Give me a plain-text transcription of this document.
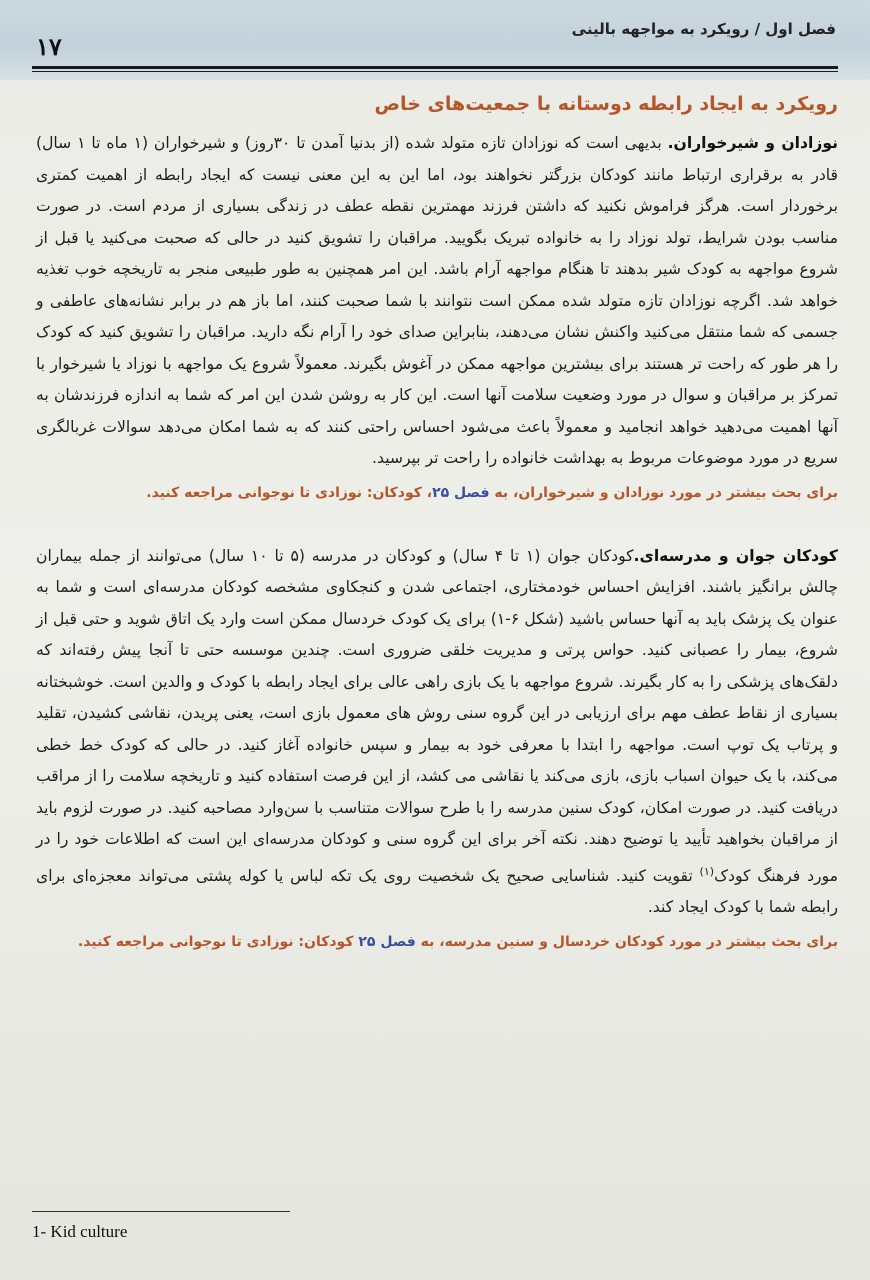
فصل اول / رویکرد به مواجهه بالینی
۱۷
رویکرد به ایجاد رابطه دوستانه با جمعیت‌های خاص

نوزادان و شیرخواران. بدیهی است که نوزادان تازه متولد شده (از بدنیا آمدن تا ۳۰روز) و شیرخواران (۱ ماه تا ۱ سال) قادر به برقراری ارتباط مانند کودکان بزرگتر نخواهند بود، اما این به این معنی نیست که ایجاد رابطه از اهمیت کمتری برخوردار است. هرگز فراموش نکنید که داشتن فرزند مهمترین نقطه عطف در زندگی بسیاری از مردم است. در صورت مناسب بودن شرایط، تولد نوزاد را به خانواده تبریک بگویید. مراقبان را تشویق کنید در حالی که صحبت می‌کنید یا قبل از شروع مواجهه به کودک شیر بدهند تا هنگام مواجهه آرام باشد. این امر همچنین به طور طبیعی منجر به تاریخچه خوب تغذیه خواهد شد. اگرچه نوزادان تازه متولد شده ممکن است نتوانند با شما صحبت کنند، اما باز هم در برابر نشانه‌های عاطفی و جسمی که شما منتقل می‌کنید واکنش نشان می‌دهند، بنابراین صدای خود را آرام نگه دارید. مراقبان را تشویق کنید که کودک را هر طور که راحت تر هستند برای بیشترین مواجهه ممکن در آغوش بگیرند. معمولاً شروع یک مواجهه با نوزاد یا شیرخوار با تمرکز بر مراقبان و سوال در مورد وضعیت سلامت آنها است. این کار به روشن شدن این امر که شما به اندازه فرزندشان به آنها اهمیت می‌دهید خواهد انجامید و معمولاً باعث می‌شود احساس راحتی کنند که به شما امکان می‌دهد سوالات غربالگری سریع در مورد موضوعات مربوط به بهداشت خانواده را راحت تر بپرسید.

برای بحث بیشتر در مورد نوزادان و شیرخواران، به فصل ۲۵، کودکان: نوزادی تا نوجوانی مراجعه کنید.

کودکان جوان و مدرسه‌ای.کودکان جوان (۱ تا ۴ سال) و کودکان در مدرسه (۵ تا ۱۰ سال) می‌توانند از جمله بیماران چالش برانگیز باشند. افزایش احساس خودمختاری، اجتماعی شدن و کنجکاوی مشخصه کودکان مدرسه‌ای است و شما به عنوان یک پزشک باید به آنها حساس باشید (شکل ۶-۱) برای یک کودک خردسال ممکن است وارد یک اتاق شوید و حتی قبل از شروع، بیمار را عصبانی کنید. حواس پرتی و مدیریت خلقی ضروری است. چندین موسسه حتی تا آنجا پیش رفته‌اند که دلقک‌های پزشکی را به کار بگیرند. شروع مواجهه با یک بازی راهی عالی برای ایجاد رابطه با کودک و والدین است. خوشبختانه بسیاری از نقاط عطف مهم برای ارزیابی در این گروه سنی روش های معمول بازی است، یعنی پریدن، نقاشی کشیدن، تقلید و پرتاب یک توپ است. مواجهه را ابتدا با معرفی خود به بیمار و سپس خانواده آغاز کنید. در حالی که کودک خط خطی می‌کند، با یک حیوان اسباب بازی، بازی می‌کند یا نقاشی می کشد، از این فرصت استفاده کنید و تاریخچه سلامت را از مراقب دریافت کنید. در صورت امکان، کودک سنین مدرسه را با طرح سوالات متناسب با سن‌وارد مصاحبه کنید. در صورت لزوم باید از مراقبان بخواهید تأیید یا توضیح دهند. نکته آخر برای این گروه سنی و کودکان مدرسه‌ای این است که اطلاعات خود را در مورد فرهنگ کودک$^{(۱)}$ تقویت کنید. شناسایی صحیح یک شخصیت روی یک تکه لباس یا کوله پشتی می‌تواند معجزه‌ای برای رابطه شما با کودک ایجاد کند.

برای بحث بیشتر در مورد کودکان خردسال و سنین مدرسه، به فصل ۲۵ کودکان: نوزادی تا نوجوانی مراجعه کنید.

1- Kid culture
